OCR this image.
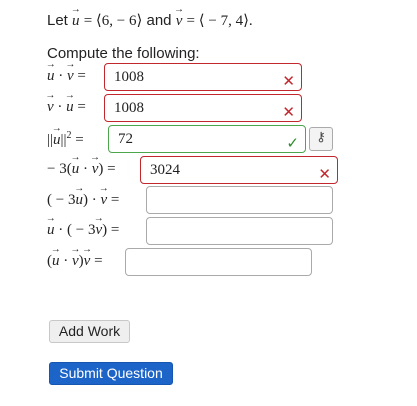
Let → u = ⟨6, − 6⟩ and → v = ⟨ − 7, 4⟩.
Compute the following:
→ u · → v =	1008	✕
→ v · → u =	1008	✕
||→ $u||^2$ =	72	✓	⚷
− 3(→ u · → v) =	3024	✕
( − 3→ u) · → v =
→ u · ( − 3→ v) =
(→ u · → v)→ v =
Add Work
Submit Question
